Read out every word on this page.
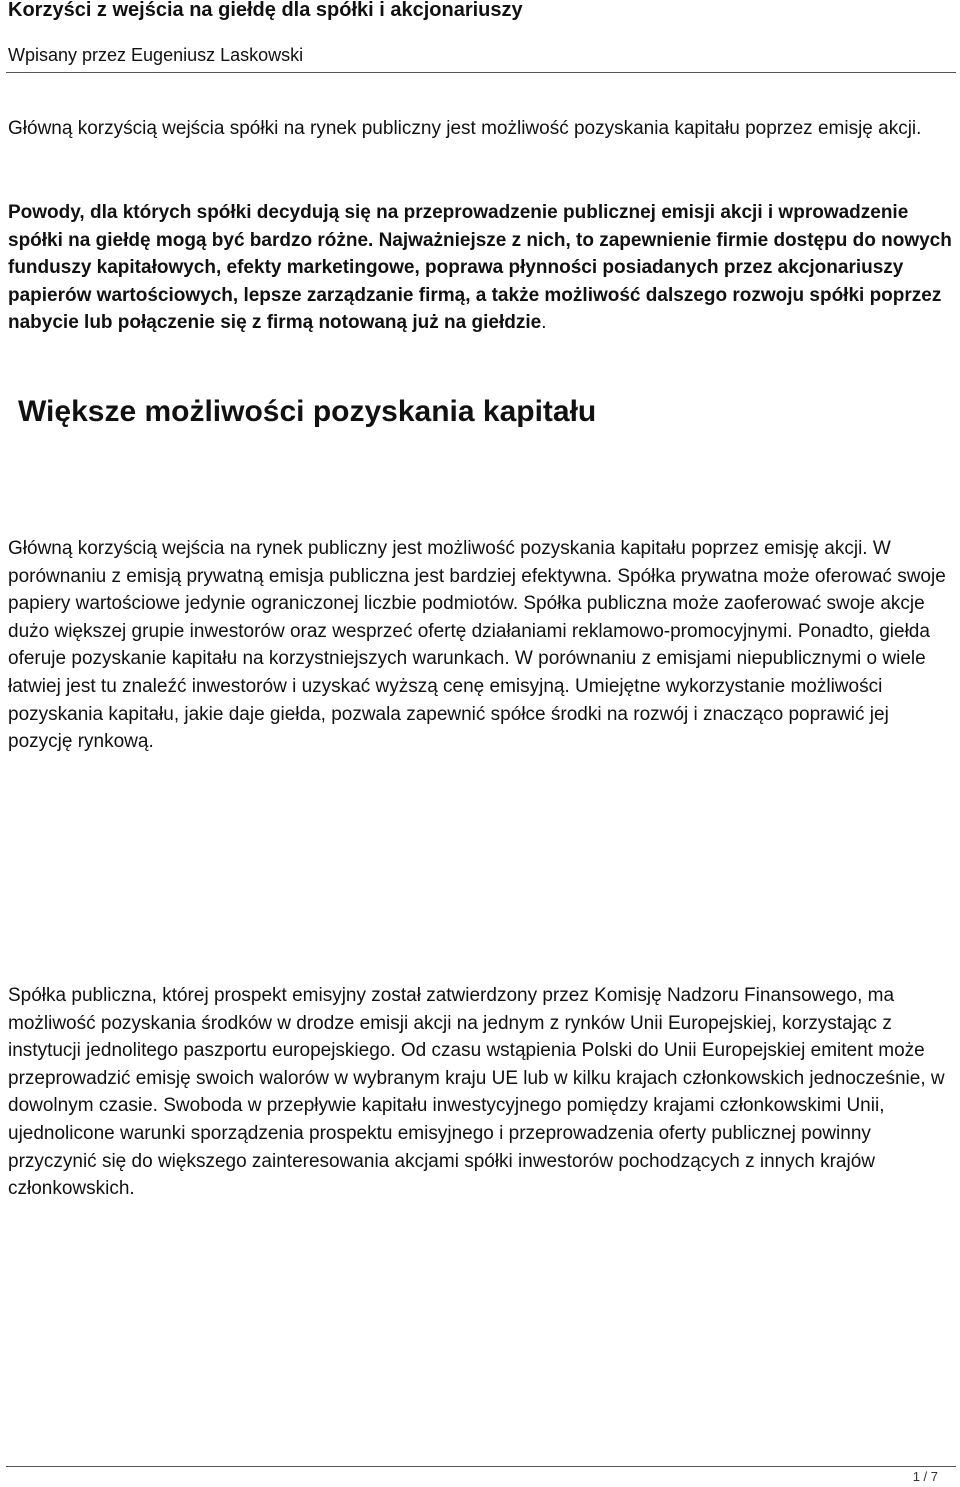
Korzyści z wejścia na giełdę dla spółki i akcjonariuszy
Wpisany przez Eugeniusz Laskowski

Główną korzyścią wejścia spółki na rynek publiczny jest możliwość pozyskania kapitału poprzez emisję akcji.

Powody, dla których spółki decydują się na przeprowadzenie publicznej emisji akcji i wprowadzenie spółki na giełdę mogą być bardzo różne. Najważniejsze z nich, to zapewnienie firmie dostępu do nowych funduszy kapitałowych, efekty marketingowe, poprawa płynności posiadanych przez akcjonariuszy papierów wartościowych, lepsze zarządzanie firmą, a także możliwość dalszego rozwoju spółki poprzez nabycie lub połączenie się z firmą notowaną już na giełdzie.

Większe możliwości pozyskania kapitału

Główną korzyścią wejścia na rynek publiczny jest możliwość pozyskania kapitału poprzez emisję akcji. W porównaniu z emisją prywatną emisja publiczna jest bardziej efektywna. Spółka prywatna może oferować swoje papiery wartościowe jedynie ograniczonej liczbie podmiotów. Spółka publiczna może zaoferować swoje akcje dużo większej grupie inwestorów oraz wesprzeć ofertę działaniami reklamowo-promocyjnymi. Ponadto, giełda oferuje pozyskanie kapitału na korzystniejszych warunkach. W porównaniu z emisjami niepublicznymi o wiele łatwiej jest tu znaleźć inwestorów i uzyskać wyższą cenę emisyjną. Umiejętne wykorzystanie możliwości pozyskania kapitału, jakie daje giełda, pozwala zapewnić spółce środki na rozwój i znacząco poprawić jej pozycję rynkową.

Spółka publiczna, której prospekt emisyjny został zatwierdzony przez Komisję Nadzoru Finansowego, ma możliwość pozyskania środków w drodze emisji akcji na jednym z rynków Unii Europejskiej, korzystając z instytucji jednolitego paszportu europejskiego. Od czasu wstąpienia Polski do Unii Europejskiej emitent może przeprowadzić emisję swoich walorów w wybranym kraju UE lub w kilku krajach członkowskich jednocześnie, w dowolnym czasie. Swoboda w przepływie kapitału inwestycyjnego pomiędzy krajami członkowskimi Unii, ujednolicone warunki sporządzenia prospektu emisyjnego i przeprowadzenia oferty publicznej powinny przyczynić się do większego zainteresowania akcjami spółki inwestorów pochodzących z innych krajów członkowskich.

1 / 7
